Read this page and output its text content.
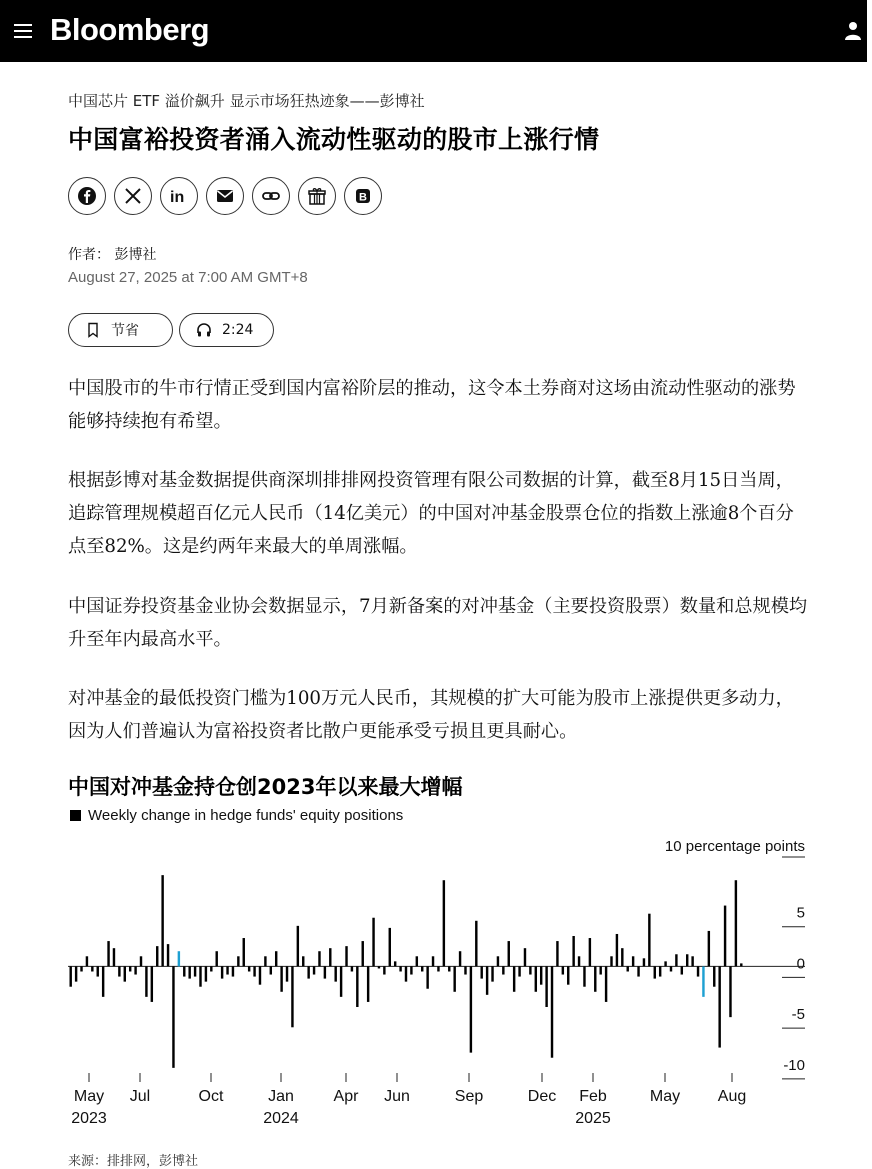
Bloomberg
中国芯片 ETF 溢价飙升 显示市场狂热迹象——彭博社
中国富裕投资者涌入流动性驱动的股市上涨行情
in	B
作者： 彭博社
August 27, 2025 at 7:00 AM GMT+8
节省	2:24

中国股市的牛市行情正受到国内富裕阶层的推动，这令本土券商对这场由流动性驱动的涨势能够持续抱有希望。

根据彭博对基金数据提供商深圳排排网投资管理有限公司数据的计算，截至8月15日当周，追踪管理规模超百亿元人民币（14亿美元）的中国对冲基金股票仓位的指数上涨逾8个百分点至82%。这是约两年来最大的单周涨幅。

中国证券投资基金业协会数据显示，7月新备案的对冲基金（主要投资股票）数量和总规模均升至年内最高水平。

对冲基金的最低投资门槛为100万元人民币，其规模的扩大可能为股市上涨提供更多动力，因为人们普遍认为富裕投资者比散户更能承受亏损且更具耐心。

中国对冲基金持仓创2023年以来最大增幅
Weekly change in hedge funds' equity positions
10 percentage points
5
0
-5
-10
May
2023
Jul	Oct	Jan
2024
Apr Jun	Sep	Dec Feb
2025
May Aug
来源：排排网，彭博社
